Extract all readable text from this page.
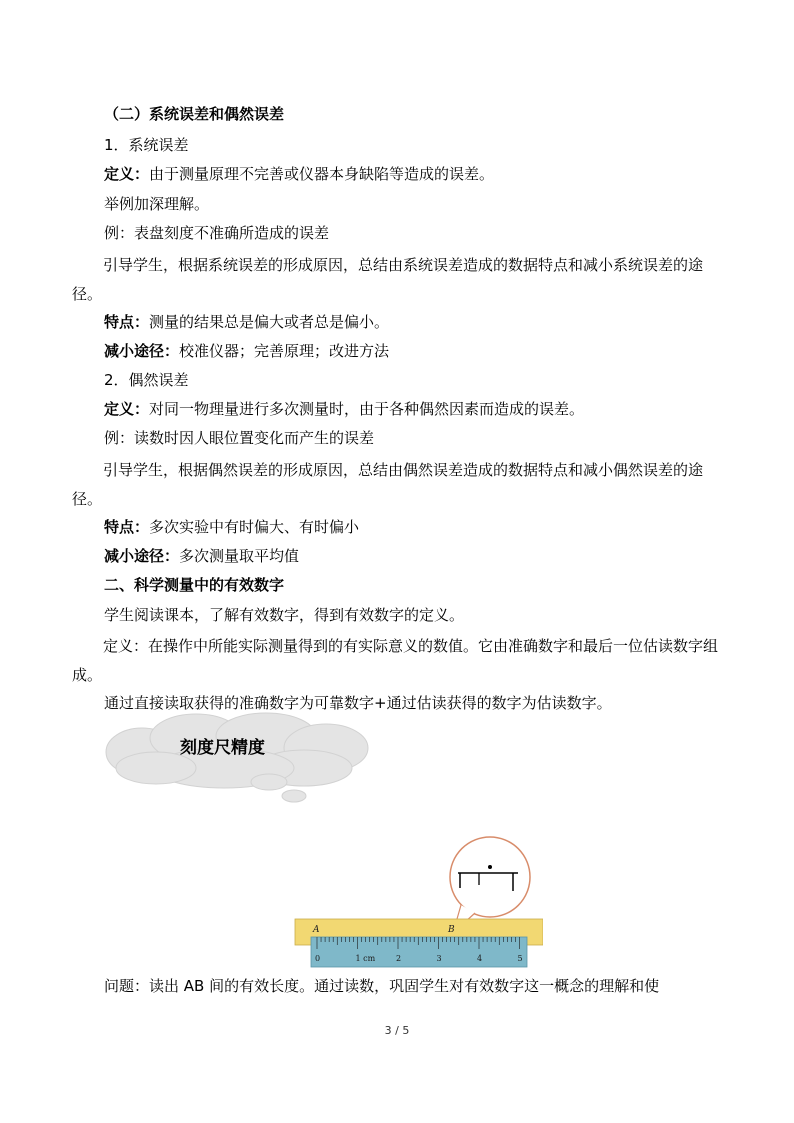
（二）系统误差和偶然误差
1．系统误差
定义：由于测量原理不完善或仪器本身缺陷等造成的误差。
举例加深理解。
例：表盘刻度不准确所造成的误差
引导学生，根据系统误差的形成原因，总结由系统误差造成的数据特点和减小系统误差的途径。
特点：测量的结果总是偏大或者总是偏小。
减小途径：校准仪器；完善原理；改进方法
2．偶然误差
定义：对同一物理量进行多次测量时，由于各种偶然因素而造成的误差。
例：读数时因人眼位置变化而产生的误差
引导学生，根据偶然误差的形成原因，总结由偶然误差造成的数据特点和减小偶然误差的途径。
特点：多次实验中有时偏大、有时偏小
减小途径：多次测量取平均值
二、科学测量中的有效数字
学生阅读课本，了解有效数字，得到有效数字的定义。
定义：在操作中所能实际测量得到的有实际意义的数值。它由准确数字和最后一位估读数字组成。
通过直接读取获得的准确数字为可靠数字+通过估读获得的数字为估读数字。
刻度尺精度
A	B
0	1 cm	2	3	4	5
问题：读出 AB 间的有效长度。通过读数，巩固学生对有效数字这一概念的理解和使
3 / 5
